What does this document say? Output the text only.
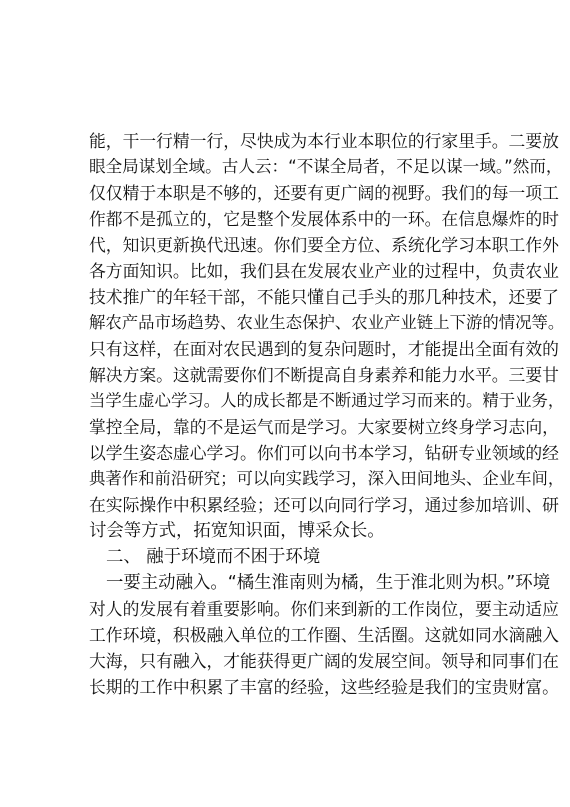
能，干一行精一行，尽快成为本行业本职位的行家里手。二要放
眼全局谋划全域。古人云：“不谋全局者，不足以谋一域。”然而，
仅仅精于本职是不够的，还要有更广阔的视野。我们的每一项工
作都不是孤立的，它是整个发展体系中的一环。在信息爆炸的时
代，知识更新换代迅速。你们要全方位、系统化学习本职工作外
各方面知识。比如，我们县在发展农业产业的过程中，负责农业
技术推广的年轻干部，不能只懂自己手头的那几种技术，还要了
解农产品市场趋势、农业生态保护、农业产业链上下游的情况等。
只有这样，在面对农民遇到的复杂问题时，才能提出全面有效的
解决方案。这就需要你们不断提高自身素养和能力水平。三要甘
当学生虚心学习。人的成长都是不断通过学习而来的。精于业务，
掌控全局，靠的不是运气而是学习。大家要树立终身学习志向，
以学生姿态虚心学习。你们可以向书本学习，钻研专业领域的经
典著作和前沿研究；可以向实践学习，深入田间地头、企业车间，
在实际操作中积累经验；还可以向同行学习，通过参加培训、研
讨会等方式，拓宽知识面，博采众长。
二、 融于环境而不困于环境
一要主动融入。“橘生淮南则为橘，生于淮北则为枳。”环境
对人的发展有着重要影响。你们来到新的工作岗位，要主动适应
工作环境，积极融入单位的工作圈、生活圈。这就如同水滴融入
大海，只有融入，才能获得更广阔的发展空间。领导和同事们在
长期的工作中积累了丰富的经验，这些经验是我们的宝贵财富。
